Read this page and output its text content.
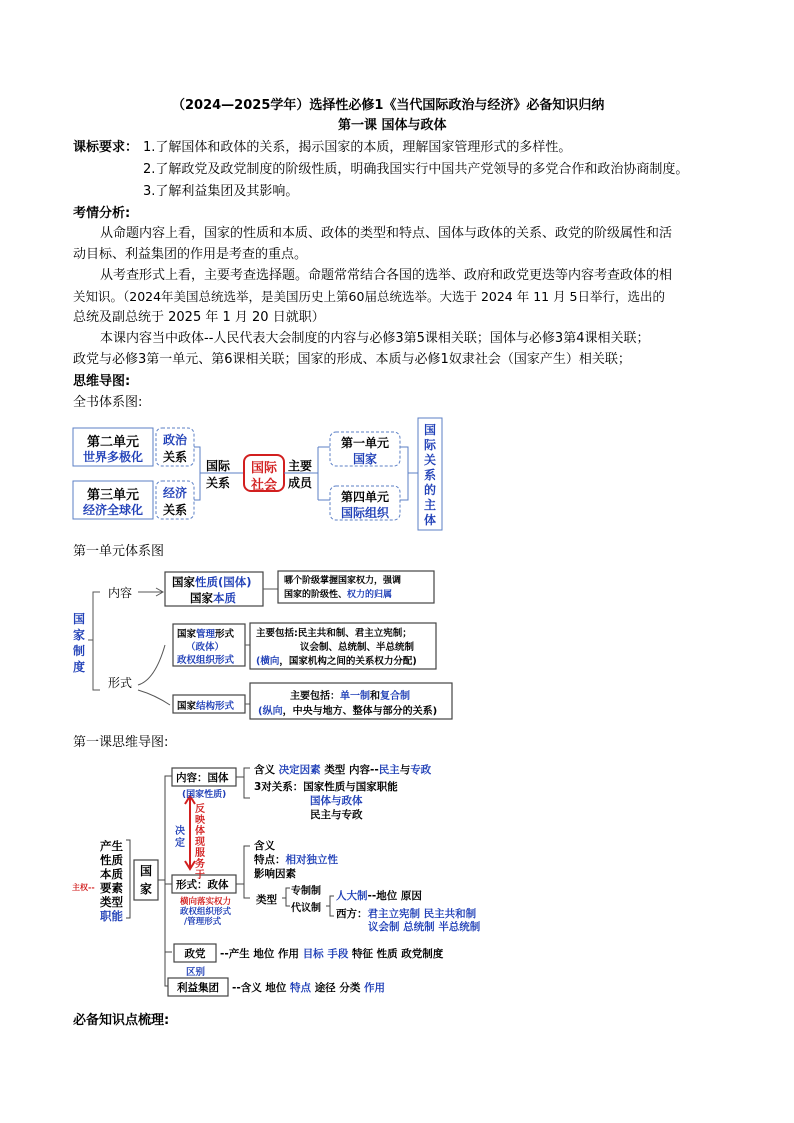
（2024—2025学年）选择性必修1《当代国际政治与经济》必备知识归纳
第一课 国体与政体
课标要求： 1.了解国体和政体的关系，揭示国家的本质，理解国家管理形式的多样性。
2.了解政党及政党制度的阶级性质，明确我国实行中国共产党领导的多党合作和政治协商制度。
3.了解利益集团及其影响。
考情分析:
从命题内容上看，国家的性质和本质、政体的类型和特点、国体与政体的关系、政党的阶级属性和活
动目标、利益集团的作用是考查的重点。
从考查形式上看，主要考查选择题。命题常常结合各国的选举、政府和政党更迭等内容考查政体的相
关知识。（2024年美国总统选举，是美国历史上第60届总统选举。大选于 2024 年 11 月 5日举行，选出的
总统及副总统于 2025 年 1 月 20 日就职）
本课内容当中政体--人民代表大会制度的内容与必修3第5课相关联；国体与必修3第4课相关联；
政党与必修3第一单元、第6课相关联；国家的形成、本质与必修1奴隶社会（国家产生）相关联；
思维导图:
全书体系图:
第二单元
世界多极化
政治
关系
第三单元
经济全球化
经济
关系
国际
关系
国际
社会
主要
成员
第一单元
国家
第四单元
国际组织
国
际
关
系
的
主
体
第一单元体系图
国
家
制
度
内容
形式
国家性质(国体)
国家本质
哪个阶级掌握国家权力，强调
国家的阶级性、权力的归属
国家管理形式
（政体）
政权组织形式
主要包括:民主共和制、君主立宪制；
议会制、总统制、半总统制
(横向，国家机构之间的关系权力分配)
国家结构形式
主要包括：单一制和复合制
(纵向，中央与地方、整体与部分的关系)
第一课思维导图:
产生
性质
本质
要素
类型
职能
主权--
国
家
内容：国体
(国家性质)
决
定
反
映
体
现
服
务
于
含义 决定因素 类型 内容--民主与专政
3对关系：国家性质与国家职能
国体与政体
民主与专政
形式：政体
横向落实权力
政权组织形式
/管理形式
含义
特点：相对独立性
影响因素
类型
专制制
代议制
人大制--地位 原因
西方：君主立宪制 民主共和制
议会制 总统制 半总统制
政党	--产生 地位 作用 目标 手段 特征 性质 政党制度
区别
利益集团	--含义 地位 特点 途径 分类 作用
必备知识点梳理:
